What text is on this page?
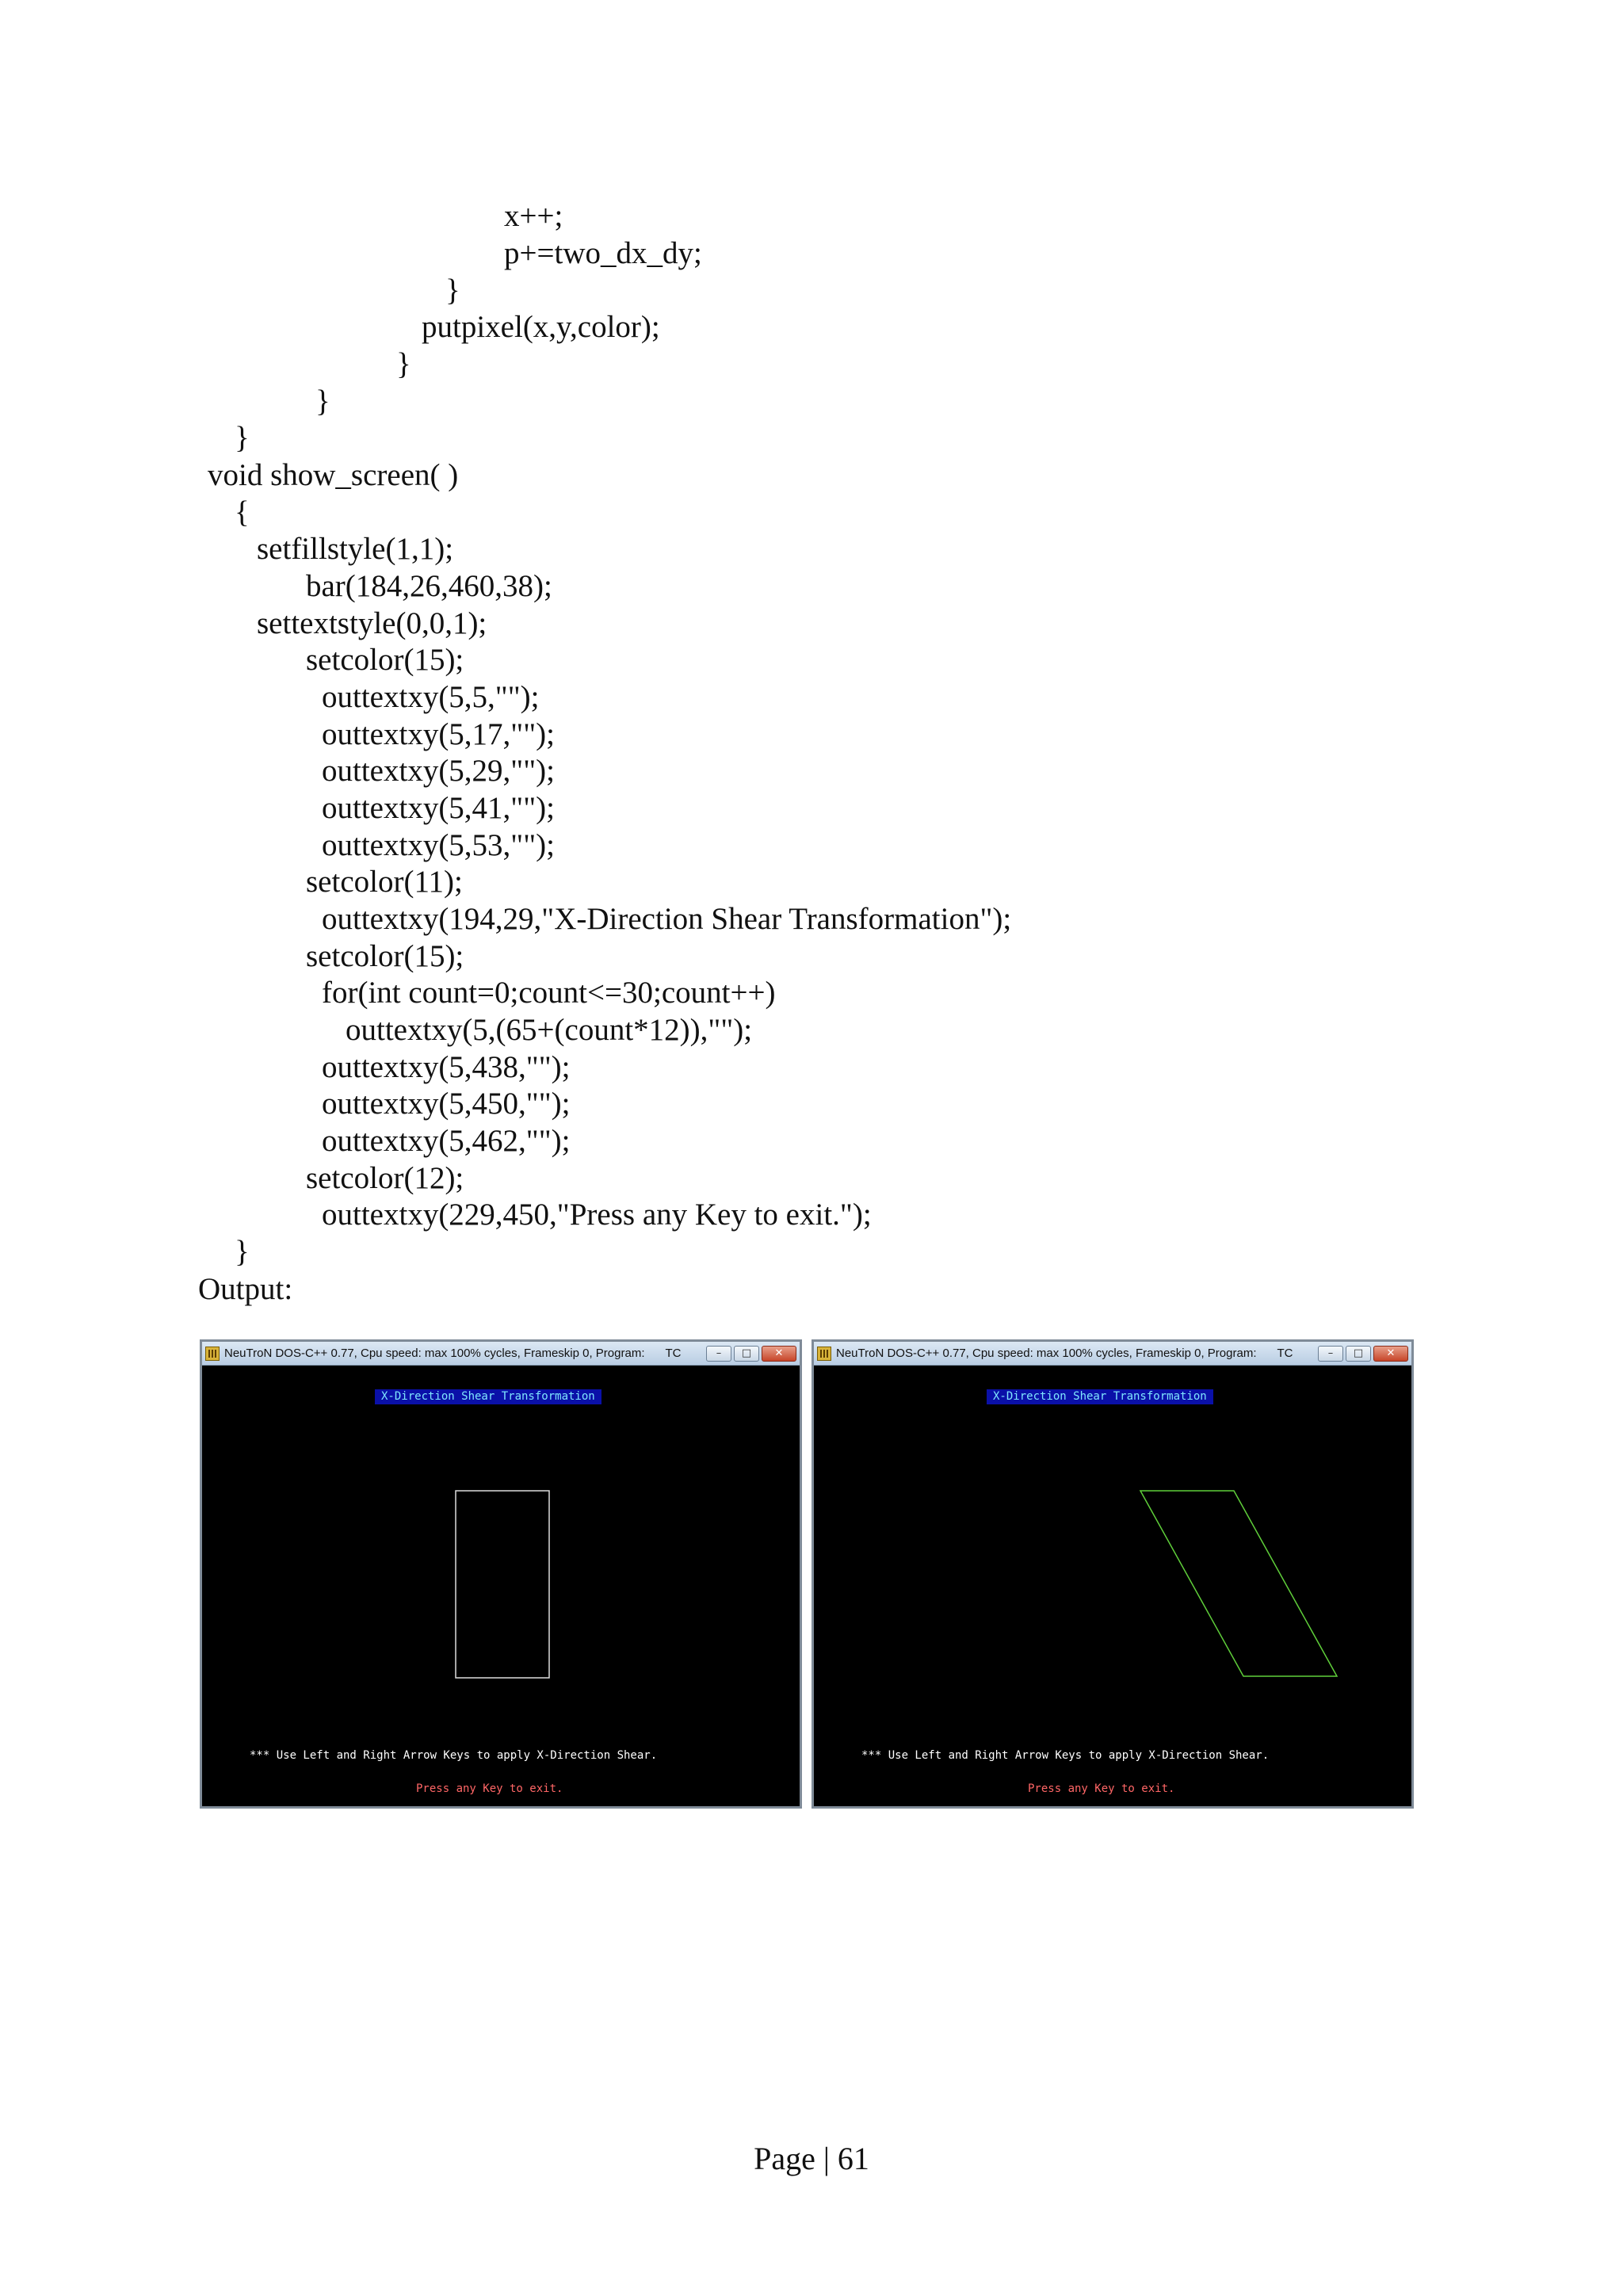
x++;
p+=two_dx_dy;
}
putpixel(x,y,color);
}
}
}
void show_screen( )
{
setfillstyle(1,1);
bar(184,26,460,38);
settextstyle(0,0,1);
setcolor(15);
outtextxy(5,5,"");
outtextxy(5,17,"");
outtextxy(5,29,"");
outtextxy(5,41,"");
outtextxy(5,53,"");
setcolor(11);
outtextxy(194,29,"X-Direction Shear Transformation");
setcolor(15);
for(int count=0;count<=30;count++)
outtextxy(5,(65+(count*12)),"");
outtextxy(5,438,"");
outtextxy(5,450,"");
outtextxy(5,462,"");
setcolor(12);
outtextxy(229,450,"Press any Key to exit.");
}
Output:
NeuTroN DOS-C++ 0.77, Cpu speed: max 100% cycles, Frameskip 0, Program: TC	–	□	✕
X-Direction Shear Transformation
*** Use Left and Right Arrow Keys to apply X-Direction Shear.
Press any Key to exit.
NeuTroN DOS-C++ 0.77, Cpu speed: max 100% cycles, Frameskip 0, Program: TC	–	□	✕
X-Direction Shear Transformation
*** Use Left and Right Arrow Keys to apply X-Direction Shear.
Press any Key to exit.
Page | 61
